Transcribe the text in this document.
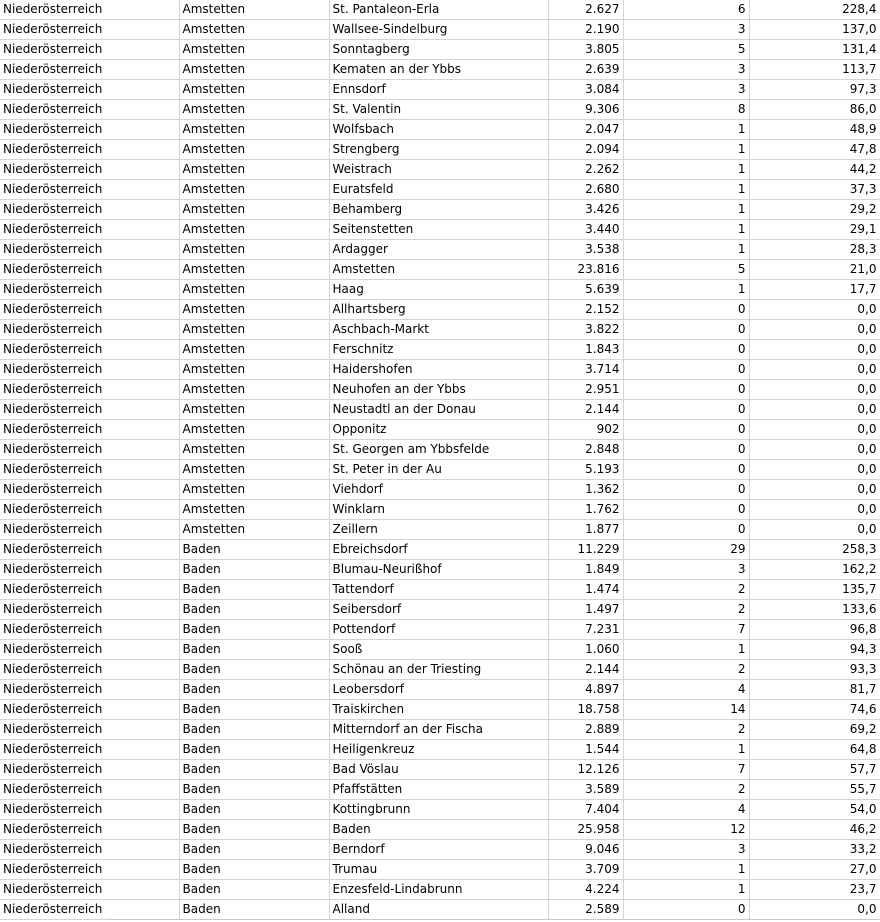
Niederösterreich	Amstetten	St. Pantaleon-Erla	2.627	6	228,4
Niederösterreich	Amstetten	Wallsee-Sindelburg	2.190	3	137,0
Niederösterreich	Amstetten	Sonntagberg	3.805	5	131,4
Niederösterreich	Amstetten	Kematen an der Ybbs	2.639	3	113,7
Niederösterreich	Amstetten	Ennsdorf	3.084	3	97,3
Niederösterreich	Amstetten	St. Valentin	9.306	8	86,0
Niederösterreich	Amstetten	Wolfsbach	2.047	1	48,9
Niederösterreich	Amstetten	Strengberg	2.094	1	47,8
Niederösterreich	Amstetten	Weistrach	2.262	1	44,2
Niederösterreich	Amstetten	Euratsfeld	2.680	1	37,3
Niederösterreich	Amstetten	Behamberg	3.426	1	29,2
Niederösterreich	Amstetten	Seitenstetten	3.440	1	29,1
Niederösterreich	Amstetten	Ardagger	3.538	1	28,3
Niederösterreich	Amstetten	Amstetten	23.816	5	21,0
Niederösterreich	Amstetten	Haag	5.639	1	17,7
Niederösterreich	Amstetten	Allhartsberg	2.152	0	0,0
Niederösterreich	Amstetten	Aschbach-Markt	3.822	0	0,0
Niederösterreich	Amstetten	Ferschnitz	1.843	0	0,0
Niederösterreich	Amstetten	Haidershofen	3.714	0	0,0
Niederösterreich	Amstetten	Neuhofen an der Ybbs	2.951	0	0,0
Niederösterreich	Amstetten	Neustadtl an der Donau	2.144	0	0,0
Niederösterreich	Amstetten	Opponitz	902	0	0,0
Niederösterreich	Amstetten	St. Georgen am Ybbsfelde	2.848	0	0,0
Niederösterreich	Amstetten	St. Peter in der Au	5.193	0	0,0
Niederösterreich	Amstetten	Viehdorf	1.362	0	0,0
Niederösterreich	Amstetten	Winklarn	1.762	0	0,0
Niederösterreich	Amstetten	Zeillern	1.877	0	0,0
Niederösterreich	Baden	Ebreichsdorf	11.229	29	258,3
Niederösterreich	Baden	Blumau-Neurißhof	1.849	3	162,2
Niederösterreich	Baden	Tattendorf	1.474	2	135,7
Niederösterreich	Baden	Seibersdorf	1.497	2	133,6
Niederösterreich	Baden	Pottendorf	7.231	7	96,8
Niederösterreich	Baden	Sooß	1.060	1	94,3
Niederösterreich	Baden	Schönau an der Triesting	2.144	2	93,3
Niederösterreich	Baden	Leobersdorf	4.897	4	81,7
Niederösterreich	Baden	Traiskirchen	18.758	14	74,6
Niederösterreich	Baden	Mitterndorf an der Fischa	2.889	2	69,2
Niederösterreich	Baden	Heiligenkreuz	1.544	1	64,8
Niederösterreich	Baden	Bad Vöslau	12.126	7	57,7
Niederösterreich	Baden	Pfaffstätten	3.589	2	55,7
Niederösterreich	Baden	Kottingbrunn	7.404	4	54,0
Niederösterreich	Baden	Baden	25.958	12	46,2
Niederösterreich	Baden	Berndorf	9.046	3	33,2
Niederösterreich	Baden	Trumau	3.709	1	27,0
Niederösterreich	Baden	Enzesfeld-Lindabrunn	4.224	1	23,7
Niederösterreich	Baden	Alland	2.589	0	0,0
